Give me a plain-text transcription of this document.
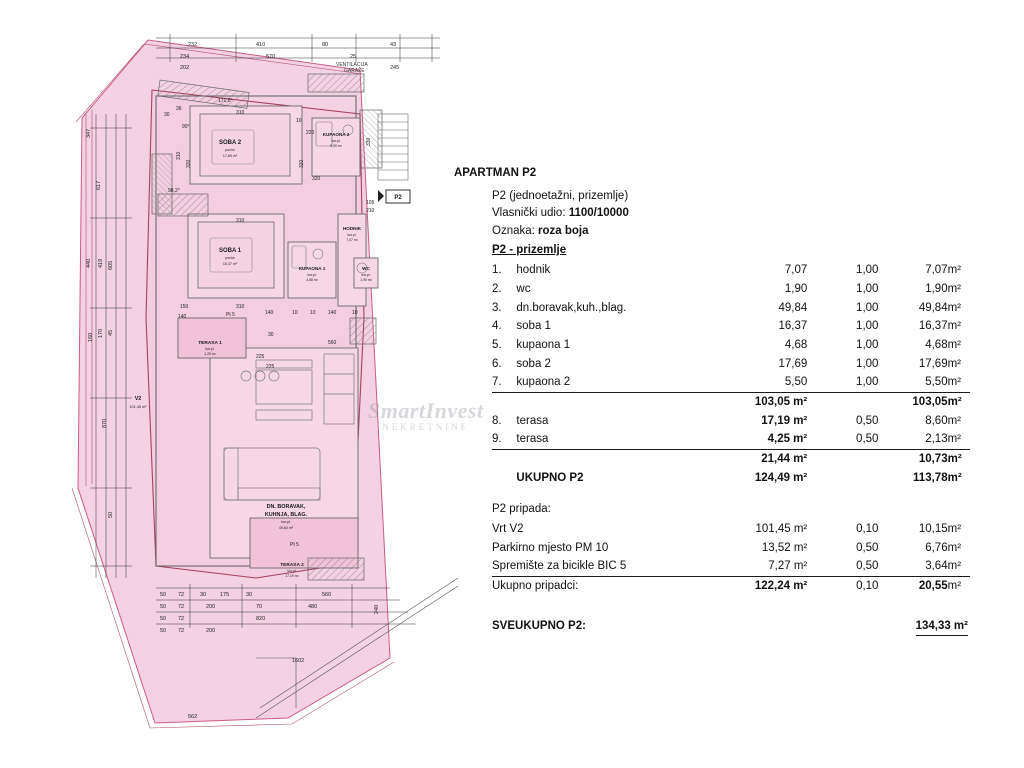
232	410	80	43
234	570	25
202	245
VENTILACIJA
GARAŽE
347
617
440 419 605
160 170 45
870
50
30
36
310
10
220
310
320	320
320
330
310
310
140	10 10 140	10
150
140
105
210
560
30
225
225
Pt 5
Pt 5
90°
98,2°
171,6°
50 72	30	175	30	560
50 72	200	70	480
50 72	820
240
50 72	200
1602
562
SOBA 2
pov/w
17,69 m²
SOBA 1
pov/w
16,37 m²
KUPAONA 2
kor.pl.
5,50 m²
KUPAONA 1
kor.pl.
4,68 m²
HODNIK
kor.pl.
7,07 m²
WC
kor.pl.
1,90 m²
DN. BORAVAK,
KUHNJA, BLAG.
kor.pl.
49,84 m²
TERASA 1
kor.pl.
4,25 m²
TERASA 2
kor.pl.
17,19 m²
V2
101,45 m²
P2
SmartInvest
NEKRETNINE
APARTMAN P2
P2 (jednoetažni, prizemlje)
Vlasnički udio: 1100/10000
Oznaka: roza boja
P2 - prizemlje
1.	hodnik	7,07	1,00	7,07	m²
2.	wc	1,90	1,00	1,90	m²
3.	dn.boravak,kuh.,blag.	49,84	1,00	49,84	m²
4.	soba 1	16,37	1,00	16,37	m²
5.	kupaona 1	4,68	1,00	4,68	m²
6.	soba 2	17,69	1,00	17,69	m²
7.	kupaona 2	5,50	1,00	5,50	m²
		103,05 m²		103,05	m²
8.	terasa	17,19 m²	0,50	8,60	m²
9.	terasa	4,25 m²	0,50	2,13	m²
		21,44 m²		10,73	m²
	UKUPNO P2	124,49 m²		113,78	m²
P2 pripada:
Vrt V2	101,45 m²	0,10	10,15	m²
Parkirno mjesto PM 10	13,52 m²	0,50	6,76	m²
Spremište za bicikle BIC 5	7,27 m²	0,50	3,64	m²
Ukupno pripadci:	122,24 m²	0,10	20,55	m²
SVEUKUPNO P2:	134,33 m²
